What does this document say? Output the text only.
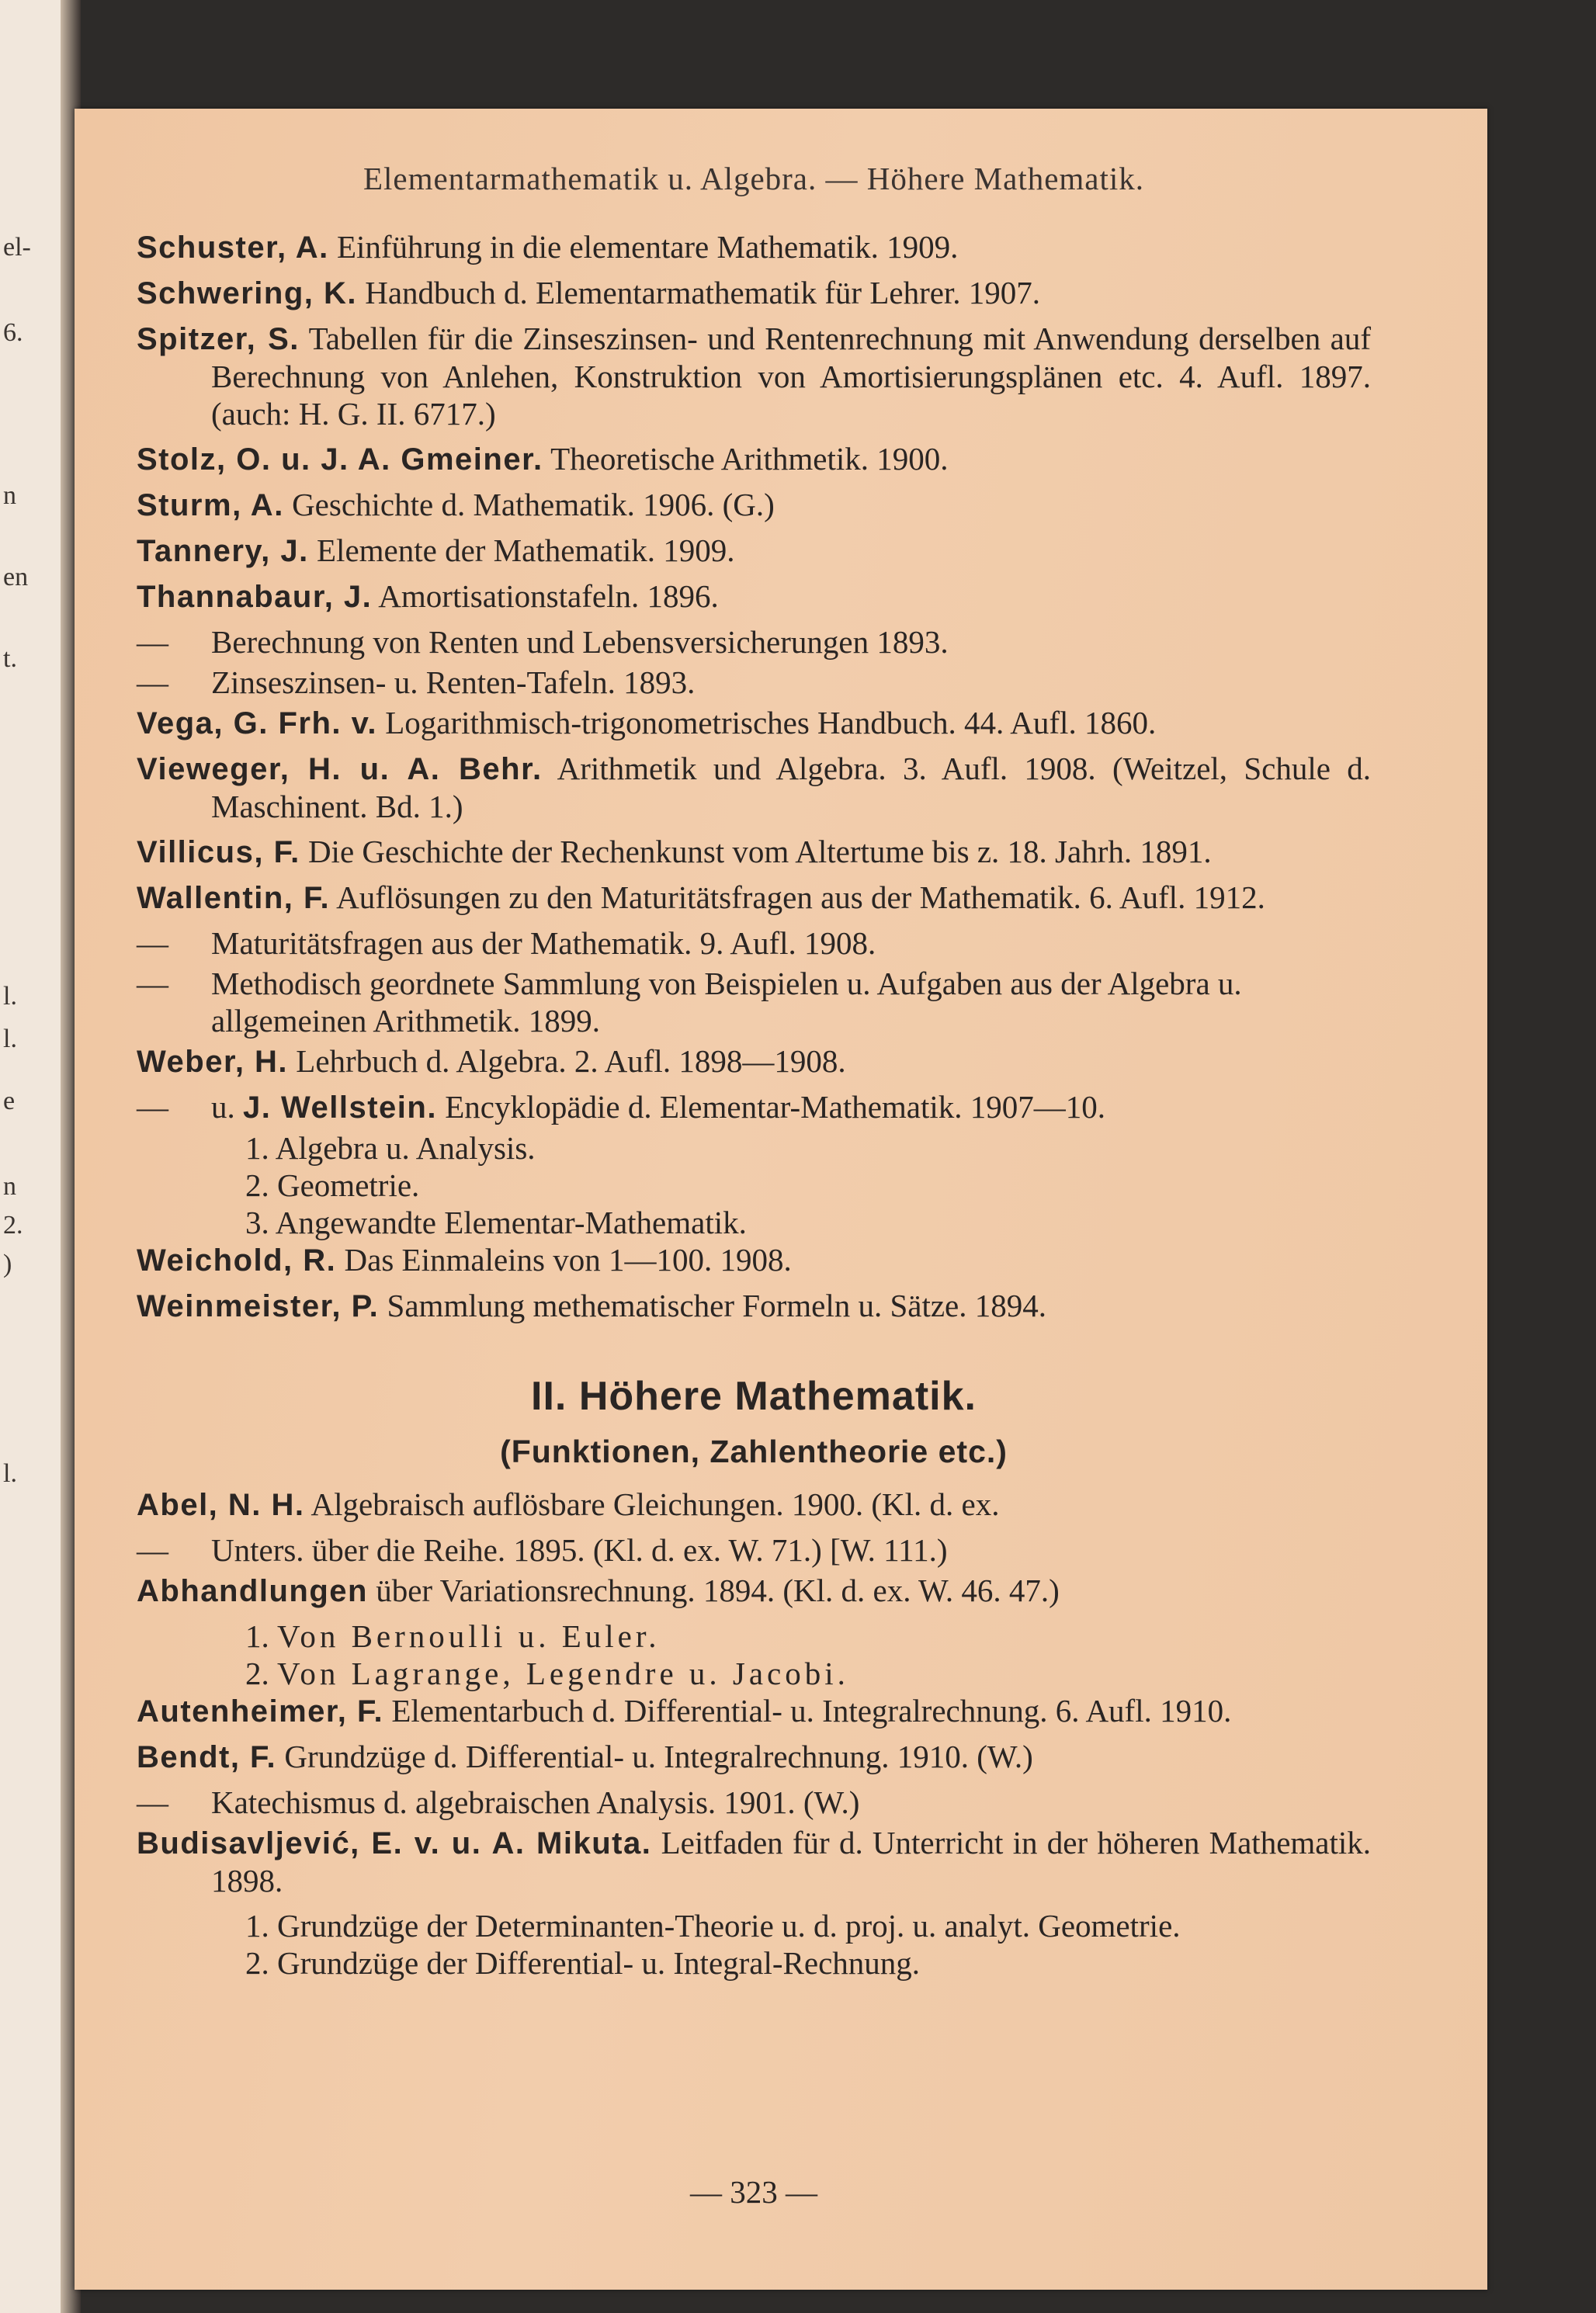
el-
6.
n
en
t.
l.
l.
e
n
2.
)
l.
Elementarmathematik u. Algebra. — Höhere Mathematik.

Schuster, A. Einführung in die elementare Mathematik. 1909.

Schwering, K. Handbuch d. Elementarmathematik für Lehrer. 1907.

Spitzer, S. Tabellen für die Zinseszinsen- und Rentenrechnung mit Anwendung derselben auf Berechnung von Anlehen, Konstruktion von Amortisierungsplänen etc. 4. Aufl. 1897. (auch: H. G. II. 6717.)

Stolz, O. u. J. A. Gmeiner. Theoretische Arithmetik. 1900.

Sturm, A. Geschichte d. Mathematik. 1906. (G.)

Tannery, J. Elemente der Mathematik. 1909.

Thannabaur, J. Amortisationstafeln. 1896.

— Berechnung von Renten und Lebensversicherungen 1893.

— Zinseszinsen- u. Renten-Tafeln. 1893.

Vega, G. Frh. v. Logarithmisch-trigonometrisches Handbuch. 44. Aufl. 1860.

Vieweger, H. u. A. Behr. Arithmetik und Algebra. 3. Aufl. 1908. (Weitzel, Schule d. Maschinent. Bd. 1.)

Villicus, F. Die Geschichte der Rechenkunst vom Altertume bis z. 18. Jahrh. 1891.

Wallentin, F. Auflösungen zu den Maturitätsfragen aus der Mathematik. 6. Aufl. 1912.

— Maturitätsfragen aus der Mathematik. 9. Aufl. 1908.

— Methodisch geordnete Sammlung von Beispielen u. Aufgaben aus der Algebra u. allgemeinen Arithmetik. 1899.

Weber, H. Lehrbuch d. Algebra. 2. Aufl. 1898—1908.

— u. J. Wellstein. Encyklopädie d. Elementar-Mathematik. 1907—10.

1. Algebra u. Analysis.

2. Geometrie.

3. Angewandte Elementar-Mathematik.

Weichold, R. Das Einmaleins von 1—100. 1908.

Weinmeister, P. Sammlung methematischer Formeln u. Sätze. 1894.

II. Höhere Mathematik.
(Funktionen, Zahlentheorie etc.)

Abel, N. H. Algebraisch auflösbare Gleichungen. 1900. (Kl. d. ex.

— Unters. über die Reihe. 1895. (Kl. d. ex. W. 71.) [W. 111.)

Abhandlungen über Variationsrechnung. 1894. (Kl. d. ex. W. 46. 47.)

1. Von Bernoulli u. Euler.

2. Von Lagrange, Legendre u. Jacobi.

Autenheimer, F. Elementarbuch d. Differential- u. Integralrechnung. 6. Aufl. 1910.

Bendt, F. Grundzüge d. Differential- u. Integralrechnung. 1910. (W.)

— Katechismus d. algebraischen Analysis. 1901. (W.)

Budisavljević, E. v. u. A. Mikuta. Leitfaden für d. Unterricht in der höheren Mathematik. 1898.

1. Grundzüge der Determinanten-Theorie u. d. proj. u. analyt. Geometrie.

2. Grundzüge der Differential- u. Integral-Rechnung.

— 323 —
